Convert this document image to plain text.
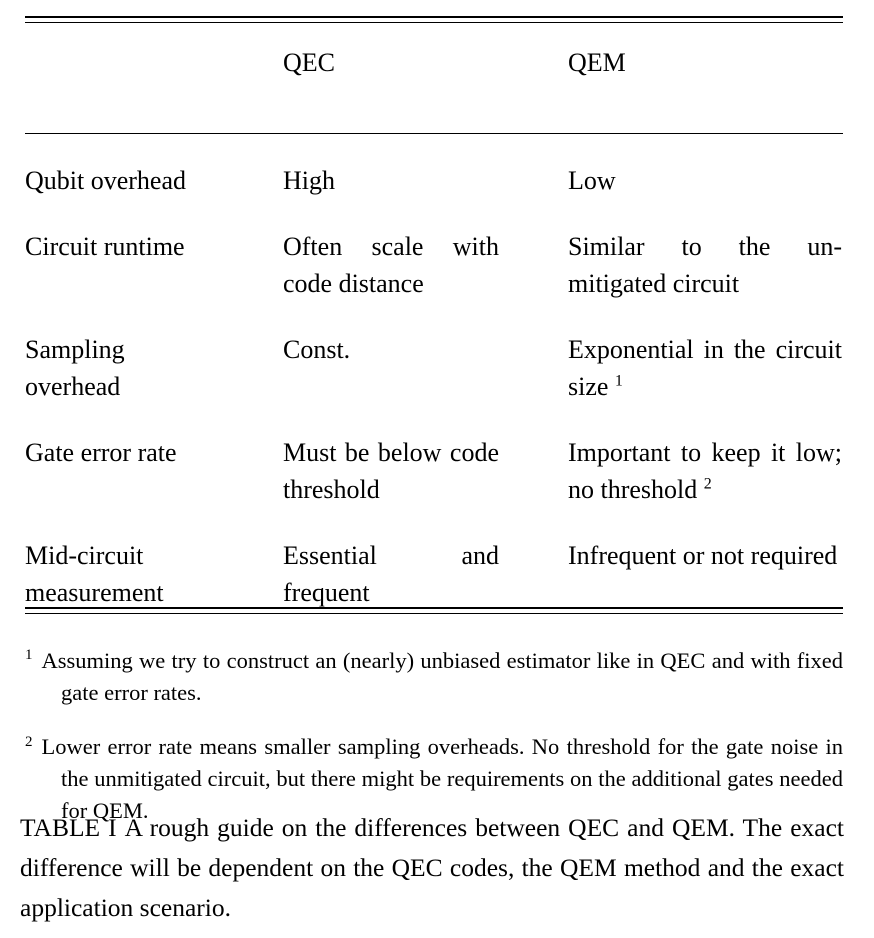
	QEC	QEM

Qubit overhead	High	Low

Circuit runtime	Often scale with code distance	Similar to the un-mitigated circuit

Sampling overhead	Const.	Exponential in the circuit size $^1$

Gate error rate	Must be below code threshold	Important to keep it low; no threshold $^2$

Mid-circuit measurement	Essential and frequent	Infrequent or not required

$^1$ Assuming we try to construct an (nearly) unbiased estimator like in QEC and with fixed gate error rates.

$^2$ Lower error rate means smaller sampling overheads. No threshold for the gate noise in the unmitigated circuit, but there might be requirements on the additional gates needed for QEM.

TABLE I A rough guide on the differences between QEC and QEM. The exact difference will be dependent on the QEC codes, the QEM method and the exact application scenario.
